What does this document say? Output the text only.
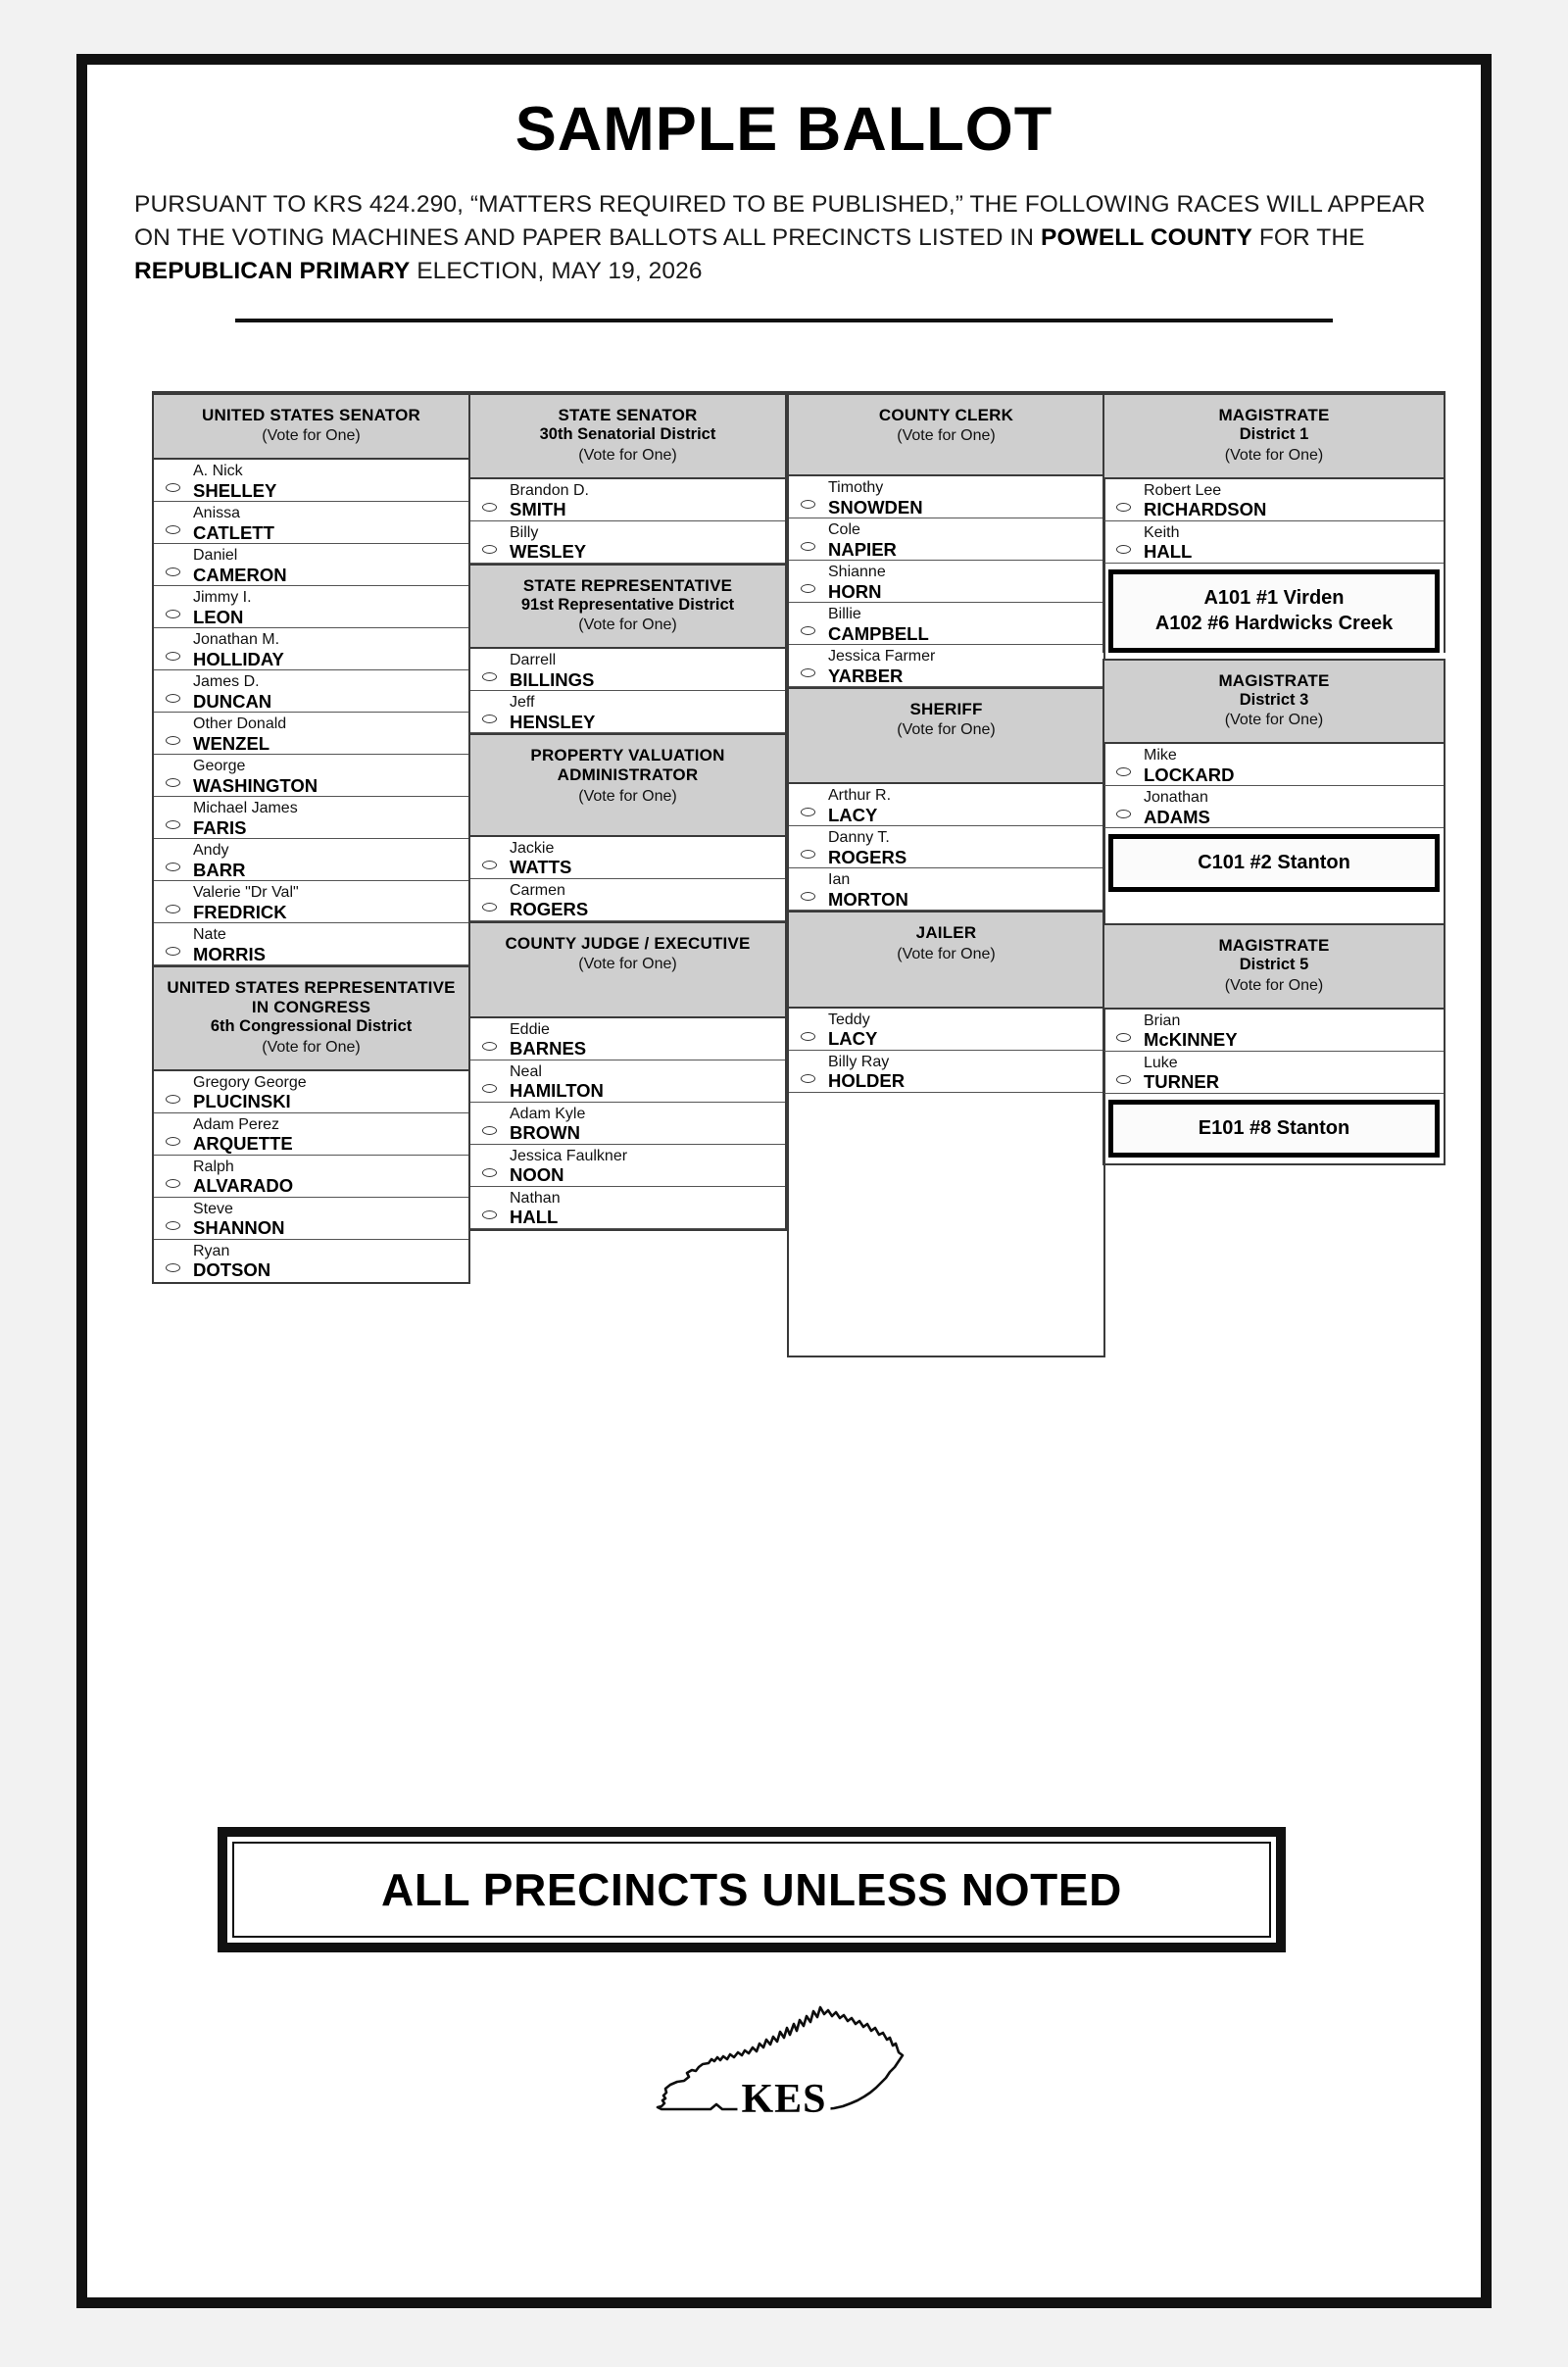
SAMPLE BALLOT
PURSUANT TO KRS 424.290, “MATTERS REQUIRED TO BE PUBLISHED,” THE FOLLOWING RACES WILL APPEAR ON THE VOTING MACHINES AND PAPER BALLOTS ALL PRECINCTS LISTED IN POWELL COUNTY FOR THE REPUBLICAN PRIMARY ELECTION, MAY 19, 2026
UNITED STATES SENATOR
(Vote for One)
A. Nick
SHELLEY
Anissa
CATLETT
Daniel
CAMERON
Jimmy I.
LEON
Jonathan M.
HOLLIDAY
James D.
DUNCAN
Other Donald
WENZEL
George
WASHINGTON
Michael James
FARIS
Andy
BARR
Valerie "Dr Val"
FREDRICK
Nate
MORRIS
UNITED STATES REPRESENTATIVE IN CONGRESS
6th Congressional District
(Vote for One)
Gregory George
PLUCINSKI
Adam Perez
ARQUETTE
Ralph
ALVARADO
Steve
SHANNON
Ryan
DOTSON
STATE SENATOR
30th Senatorial District
(Vote for One)
Brandon D.
SMITH
Billy
WESLEY
STATE REPRESENTATIVE
91st Representative District
(Vote for One)
Darrell
BILLINGS
Jeff
HENSLEY
PROPERTY VALUATION ADMINISTRATOR
(Vote for One)
Jackie
WATTS
Carmen
ROGERS
COUNTY JUDGE / EXECUTIVE
(Vote for One)
Eddie
BARNES
Neal
HAMILTON
Adam Kyle
BROWN
Jessica Faulkner
NOON
Nathan
HALL
COUNTY CLERK
(Vote for One)
Timothy
SNOWDEN
Cole
NAPIER
Shianne
HORN
Billie
CAMPBELL
Jessica Farmer
YARBER
SHERIFF
(Vote for One)
Arthur R.
LACY
Danny T.
ROGERS
Ian
MORTON
JAILER
(Vote for One)
Teddy
LACY
Billy Ray
HOLDER
MAGISTRATE
District 1
(Vote for One)
Robert Lee
RICHARDSON
Keith
HALL
A101 #1 Virden
A102 #6 Hardwicks Creek
MAGISTRATE
District 3
(Vote for One)
Mike
LOCKARD
Jonathan
ADAMS
C101 #2 Stanton
MAGISTRATE
District 5
(Vote for One)
Brian
McKINNEY
Luke
TURNER
E101 #8 Stanton
ALL PRECINCTS UNLESS NOTED
KES
